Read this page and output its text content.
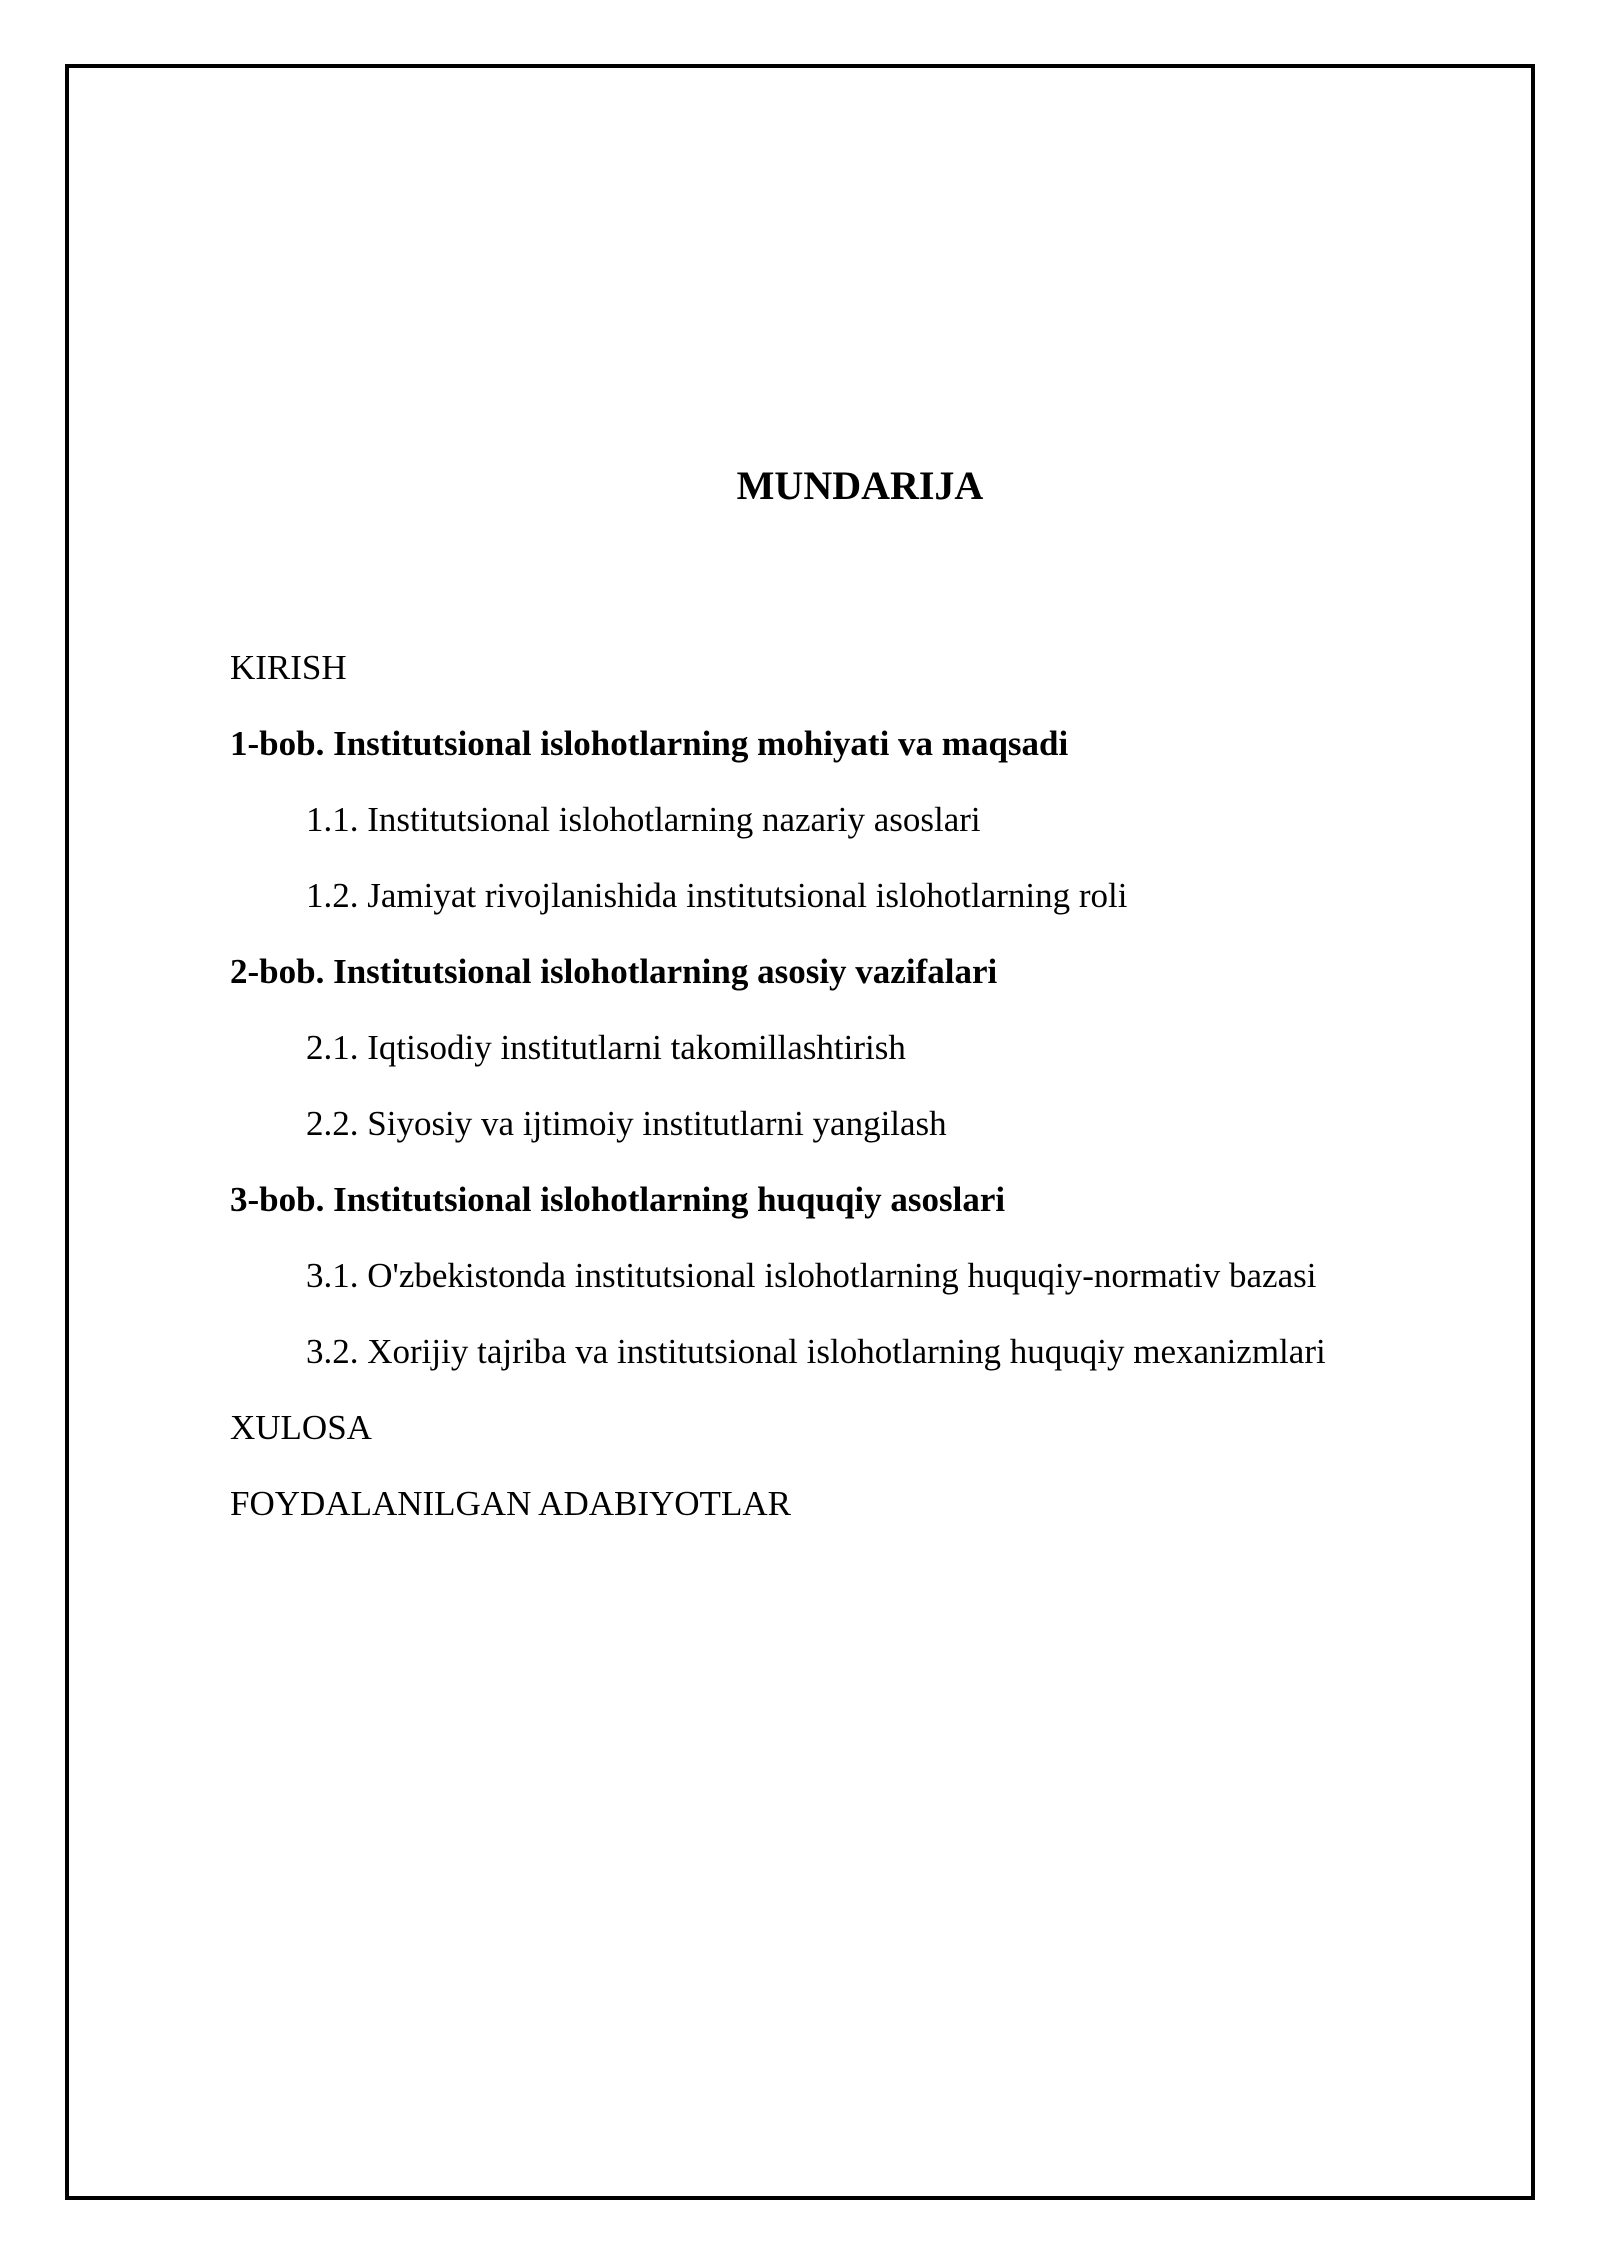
MUNDARIJA
KIRISH
1-bob. Institutsional islohotlarning mohiyati va maqsadi
1.1. Institutsional islohotlarning nazariy asoslari
1.2. Jamiyat rivojlanishida institutsional islohotlarning roli
2-bob. Institutsional islohotlarning asosiy vazifalari
2.1. Iqtisodiy institutlarni takomillashtirish
2.2. Siyosiy va ijtimoiy institutlarni yangilash
3-bob. Institutsional islohotlarning huquqiy asoslari
3.1. O'zbekistonda institutsional islohotlarning huquqiy-normativ bazasi
3.2. Xorijiy tajriba va institutsional islohotlarning huquqiy mexanizmlari
XULOSA
FOYDALANILGAN ADABIYOTLAR
